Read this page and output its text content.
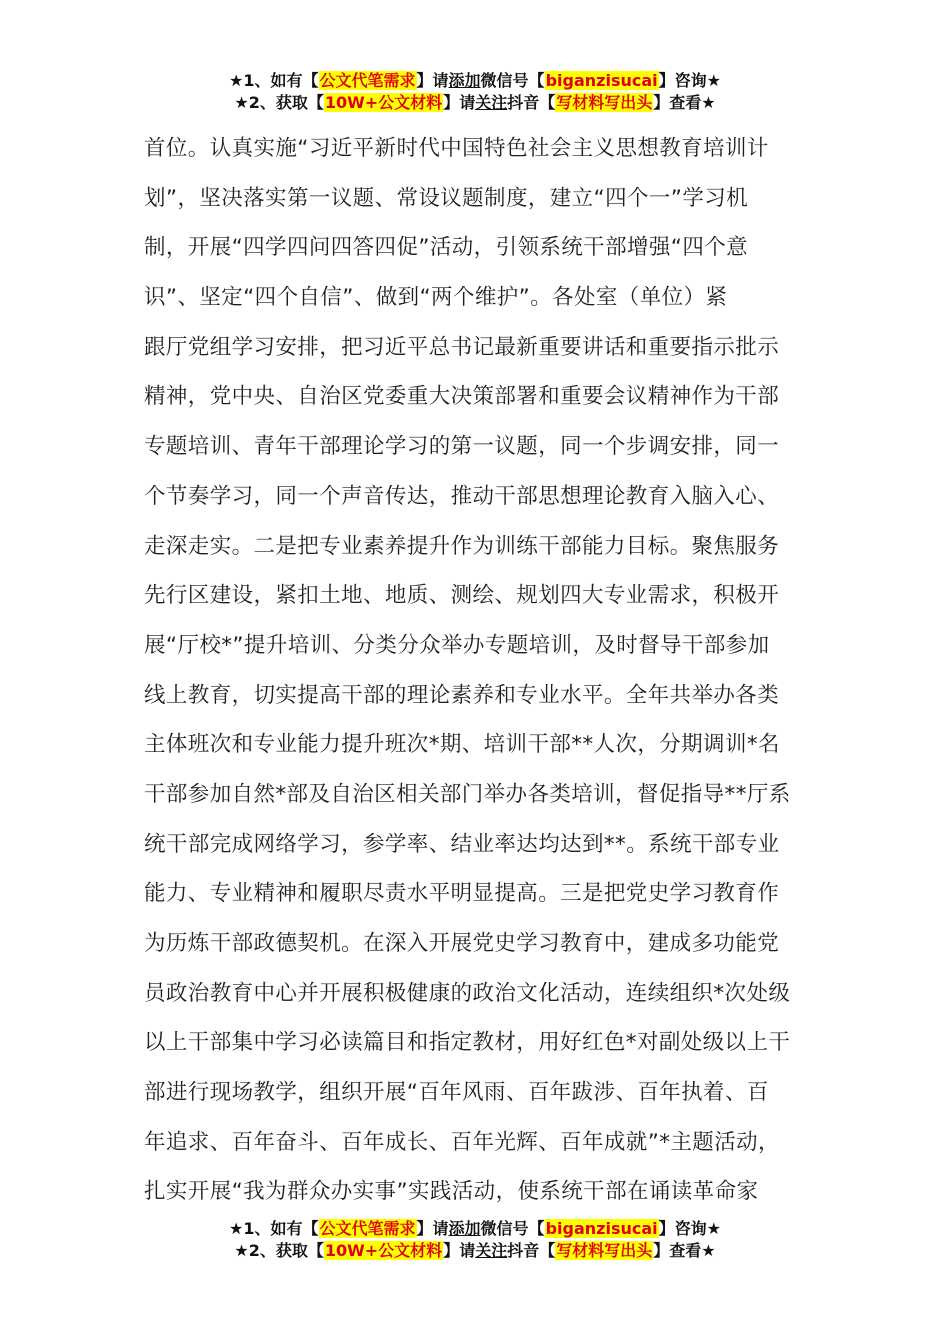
★1、如有【公文代笔需求】请添加微信号【biganzisucai】咨询★
★2、获取【10W+公文材料】请关注抖音【写材料写出头】查看★
首位。认真实施“习近平新时代中国特色社会主义思想教育培训计
划”，坚决落实第一议题、常设议题制度，建立“四个一”学习机
制，开展“四学四问四答四促”活动，引领系统干部增强“四个意
识”、坚定“四个自信”、做到“两个维护”。各处室（单位）紧
跟厅党组学习安排，把习近平总书记最新重要讲话和重要指示批示
精神，党中央、自治区党委重大决策部署和重要会议精神作为干部
专题培训、青年干部理论学习的第一议题，同一个步调安排，同一
个节奏学习，同一个声音传达，推动干部思想理论教育入脑入心、
走深走实。二是把专业素养提升作为训练干部能力目标。聚焦服务
先行区建设，紧扣土地、地质、测绘、规划四大专业需求，积极开
展“厅校*”提升培训、分类分众举办专题培训，及时督导干部参加
线上教育，切实提高干部的理论素养和专业水平。全年共举办各类
主体班次和专业能力提升班次*期、培训干部**人次，分期调训*名
干部参加自然*部及自治区相关部门举办各类培训，督促指导**厅系
统干部完成网络学习，参学率、结业率达均达到**。系统干部专业
能力、专业精神和履职尽责水平明显提高。三是把党史学习教育作
为历炼干部政德契机。在深入开展党史学习教育中，建成多功能党
员政治教育中心并开展积极健康的政治文化活动，连续组织*次处级
以上干部集中学习必读篇目和指定教材，用好红色*对副处级以上干
部进行现场教学，组织开展“百年风雨、百年跋涉、百年执着、百
年追求、百年奋斗、百年成长、百年光辉、百年成就”*主题活动，
扎实开展“我为群众办实事”实践活动，使系统干部在诵读革命家
★1、如有【公文代笔需求】请添加微信号【biganzisucai】咨询★
★2、获取【10W+公文材料】请关注抖音【写材料写出头】查看★
